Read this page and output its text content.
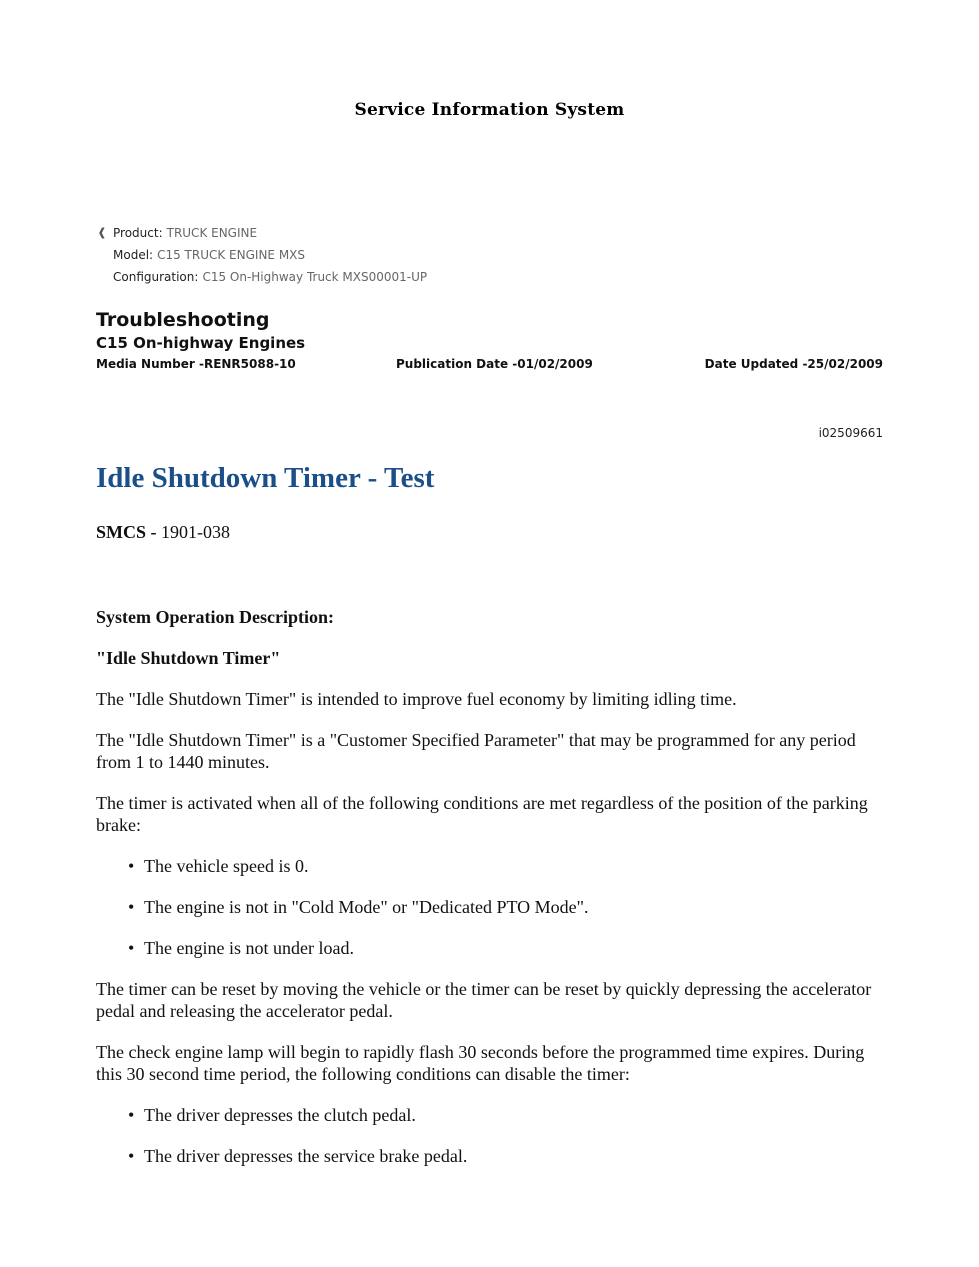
Service Information System
❰ Product: TRUCK ENGINE
Model: C15 TRUCK ENGINE MXS
Configuration: C15 On-Highway Truck MXS00001-UP
Troubleshooting
C15 On-highway Engines
Media Number -RENR5088-10	Publication Date -01/02/2009	Date Updated -25/02/2009
i02509661
Idle Shutdown Timer - Test
SMCS - 1901-038

System Operation Description:

"Idle Shutdown Timer"

The "Idle Shutdown Timer" is intended to improve fuel economy by limiting idling time.

The "Idle Shutdown Timer" is a "Customer Specified Parameter" that may be programmed for any period from 1 to 1440 minutes.

The timer is activated when all of the following conditions are met regardless of the position of the parking brake:

• The vehicle speed is 0.
• The engine is not in "Cold Mode" or "Dedicated PTO Mode".
• The engine is not under load.

The timer can be reset by moving the vehicle or the timer can be reset by quickly depressing the accelerator pedal and releasing the accelerator pedal.

The check engine lamp will begin to rapidly flash 30 seconds before the programmed time expires. During this 30 second time period, the following conditions can disable the timer:

• The driver depresses the clutch pedal.
• The driver depresses the service brake pedal.
